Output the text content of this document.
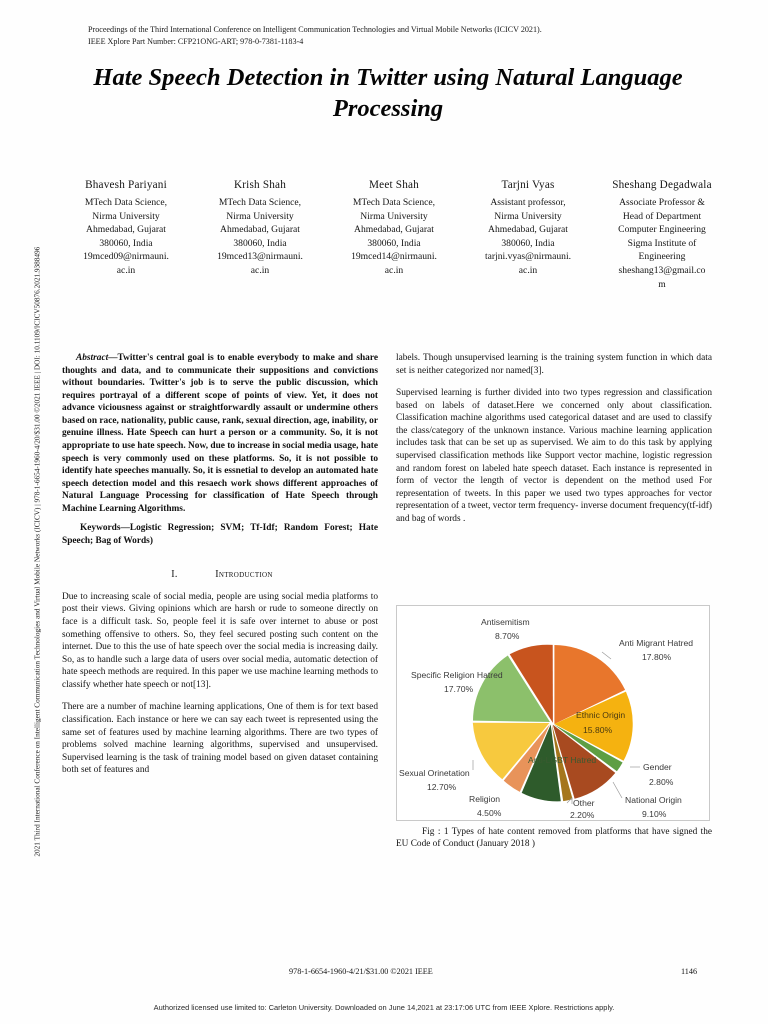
Proceedings of the Third International Conference on Intelligent Communication Technologies and Virtual Mobile Networks (ICICV 2021).
IEEE Xplore Part Number: CFP21ONG-ART; 978-0-7381-1183-4
Hate Speech Detection in Twitter using Natural Language Processing
Bhavesh Pariyani
MTech Data Science,
Nirma University
Ahmedabad, Gujarat
380060, India
19mced09@nirmauni.
ac.in
Krish Shah
MTech Data Science,
Nirma University
Ahmedabad, Gujarat
380060, India
19mced13@nirmauni.
ac.in
Meet Shah
MTech Data Science,
Nirma University
Ahmedabad, Gujarat
380060, India
19mced14@nirmauni.
ac.in
Tarjni Vyas
Assistant professor,
Nirma University
Ahmedabad, Gujarat
380060, India
tarjni.vyas@nirmauni.
ac.in
Sheshang Degadwala
Associate Professor &
Head of Department
Computer Engineering
Sigma Institute of
Engineering
sheshang13@gmail.co
m

Abstract—Twitter's central goal is to enable everybody to make and share thoughts and data, and to communicate their suppositions and convictions without boundaries. Twitter's job is to serve the public discussion, which requires portrayal of a different scope of points of view. Yet, it does not advance viciousness against or straightforwardly assault or undermine others based on race, nationality, public cause, rank, sexual direction, age, inability, or genuine illness. Hate Speech can hurt a person or a community. So, it is not appropriate to use hate speech. Now, due to increase in social media usage, hate speech is very commonly used on these platforms. So, it is not possible to identify hate speeches manually. So, it is essnetial to develop an automated hate speech detection model and this resaech work shows different approaches of Natural Language Processing for classification of Hate Speech through Machine Learning Algorithms.

Keywords—Logistic Regression; SVM; Tf-Idf; Random Forest; Hate Speech; Bag of Words)

I.	Introduction

Due to increasing scale of social media, people are using social media platforms to post their views. Giving opinions which are harsh or rude to someone directly on face is a difficult task. So, people feel it is safe over internet to abuse or post something offensive to others. So, they feel secured posting such content on the internet. Due to this the use of hate speech over the social media is increasing daily. So, as to handle such a large data of users over social media, automatic detection of hate speech methods are required. In this paper we use machine learning methods to classify whether hate speech or not[13].

There are a number of machine learning applications, One of them is for text based classification. Each instance or here we can say each tweet is represented using the same set of features used by machine learning algorithms. There are two types of problems solved machine learning algorithms, supervised and unsupervised. Supervised learning is the task of training model based on given dataset containing both set of features and

labels. Though unsupervised learning is the training system function in which data set is neither categorized nor named[3].

Supervised learning is further divided into two types regression and classification based on labels of dataset.Here we concerned only about classification. Classification machine algorithms used categorical dataset and are used to classify the class/category of the unknown instance. Various machine learning application includes task that can be set up as supervised. We aim to do this task by applying supervised classification methods like Support vector machine, logistic regression and random forest on labeled hate speech dataset. Each instance is represented in form of vector the length of vector is dependent on the method used For representation of tweets. In this paper we used two types approaches for vector representation of a tweet, vector term frequency- inverse document frequency(tf-idf) and bag of words .

Anti Migrant Hatred
17.80%
Ethnic Origin
15.80%
Gender
2.80%
National Origin
9.10%
Other
2.20%
Anti-LGBT Hatred
Religion
4.50%
Sexual Orinetation
12.70%
Specific Religion Hatred
17.70%
Antisemitism
8.70%
Fig : 1 Types of hate content removed from platforms that have signed the EU Code of Conduct (January 2018 )
2021 Third International Conference on Intelligent Communication Technologies and Virtual Mobile Networks (ICICV) | 978-1-6654-1960-4/20/$31.00 ©2021 IEEE | DOI: 10.1109/ICICV50876.2021.9388496
978-1-6654-1960-4/21/$31.00 ©2021 IEEE	1146
Authorized licensed use limited to: Carleton University. Downloaded on June 14,2021 at 23:17:06 UTC from IEEE Xplore. Restrictions apply.
